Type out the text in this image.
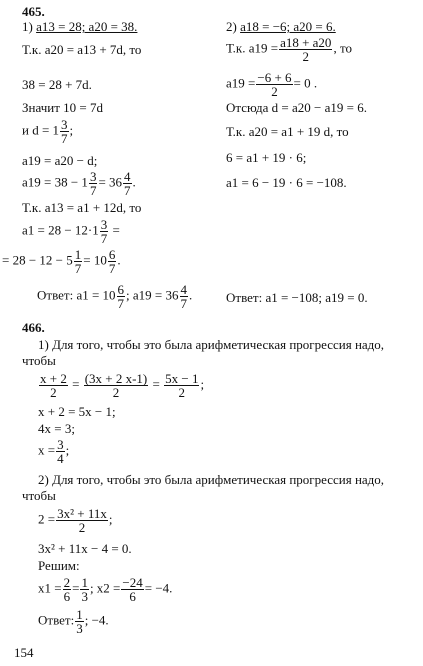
465.
1) a13 = 28; a20 = 38.
Т.к. a20 = a13 + 7d, то
38 = 28 + 7d.
Значит 10 = 7d
и $d = 1 \frac{3}{7}$ ;
a19 = a20 − d;
$a19 = 38 - 1 \frac{3}{7} = 36 \frac{4}{7}$ .
Т.к. a13 = a1 + 12d, то
$a1 = 28 - 12\cdot 1 \frac{3}{7}$ =
= $28 - 12 - 5 \frac{1}{7} = 10 \frac{6}{7}$ .
Ответ: $a1 = 10 \frac{6}{7}$ ; $a19 = 36 \frac{4}{7}$ .
2) a18 = −6; a20 = 6.
Т.к. $a19 = \frac{a18 + a20}{2}$ , то
$a19 = \frac{-6 + 6}{2} = 0$ .
Отсюда d = a20 − a19 = 6.
Т.к. a20 = a1 + 19 d, то
6 = a1 + 19 · 6;
a1 = 6 − 19 · 6 = −108.
Ответ: a1 = −108; a19 = 0.
466.
1) Для того, чтобы это была арифметическая прогрессия надо,
чтобы
$\frac{x + 2}{2} = \frac{(3x + 2 x-1)}{2} = \frac{5x - 1}{2}$ ;
x + 2 = 5x − 1;
4x = 3;
$x = \frac{3}{4}$ ;
2) Для того, чтобы это была арифметическая прогрессия надо,
чтобы
$2 = \frac{\text{3x² + 11x}}{2}$ ;
3x² + 11x − 4 = 0.
Решим:
$x1 = \frac{2}{6} = \frac{1}{3}$ ; $x2 = \frac{-24}{6} = -4$.
Ответ: $\frac{1}{3}$ ; −4.
154
